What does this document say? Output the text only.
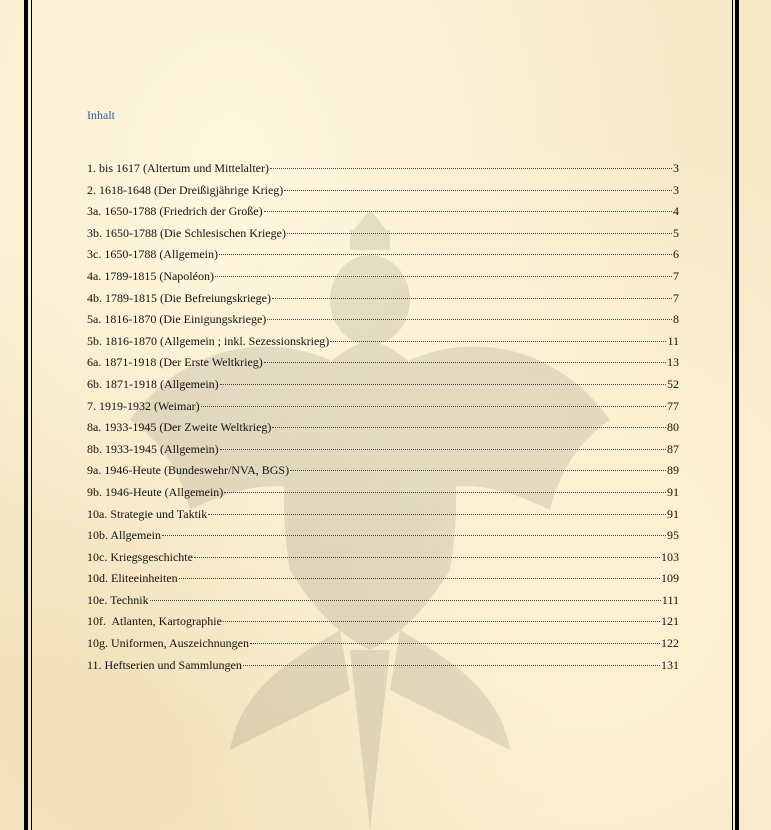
Inhalt
1. bis 1617 (Altertum und Mittelalter)	3
2. 1618-1648 (Der Dreißigjährige Krieg)	3
3a. 1650-1788 (Friedrich der Große)	4
3b. 1650-1788 (Die Schlesischen Kriege)	5
3c. 1650-1788 (Allgemein)	6
4a. 1789-1815 (Napoléon)	7
4b. 1789-1815 (Die Befreiungskriege)	7
5a. 1816-1870 (Die Einigungskriege)	8
5b. 1816-1870 (Allgemein ; inkl. Sezessionskrieg)	11
6a. 1871-1918 (Der Erste Weltkrieg)	13
6b. 1871-1918 (Allgemein)	52
7. 1919-1932 (Weimar)	77
8a. 1933-1945 (Der Zweite Weltkrieg)	80
8b. 1933-1945 (Allgemein)	87
9a. 1946-Heute (Bundeswehr/NVA, BGS)	89
9b. 1946-Heute (Allgemein)	91
10a. Strategie und Taktik	91
10b. Allgemein	95
10c. Kriegsgeschichte	103
10d. Eliteeinheiten	109
10e. Technik	111
10f.  Atlanten, Kartographie	121
10g. Uniformen, Auszeichnungen	122
11. Heftserien und Sammlungen	131
